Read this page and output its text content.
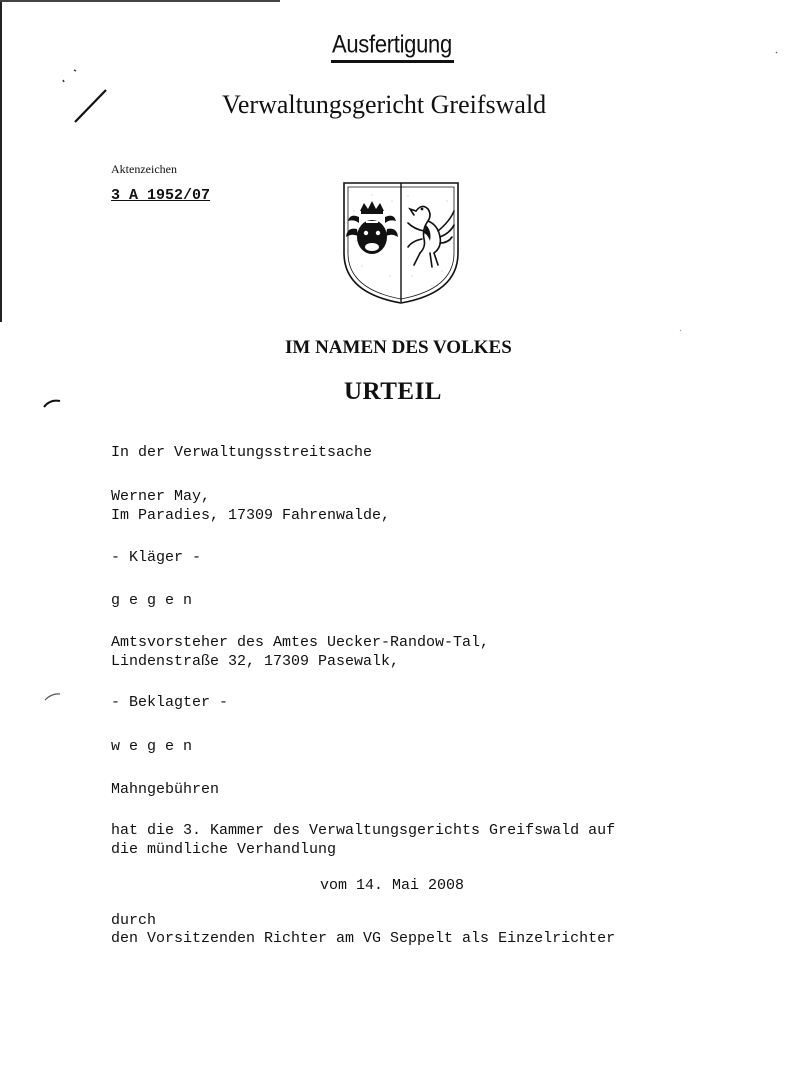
Ausfertigung
Verwaltungsgericht Greifswald
Aktenzeichen
3 A 1952/07
IM NAMEN DES VOLKES
URTEIL
In der Verwaltungsstreitsache
Werner May,
Im Paradies, 17309 Fahrenwalde,
- Kläger -
g e g e n
Amtsvorsteher des Amtes Uecker-Randow-Tal,
Lindenstraße 32, 17309 Pasewalk,
- Beklagter -
w e g e n
Mahngebühren
hat die 3. Kammer des Verwaltungsgerichts Greifswald auf
die mündliche Verhandlung
vom 14. Mai 2008
durch
den Vorsitzenden Richter am VG Seppelt als Einzelrichter
